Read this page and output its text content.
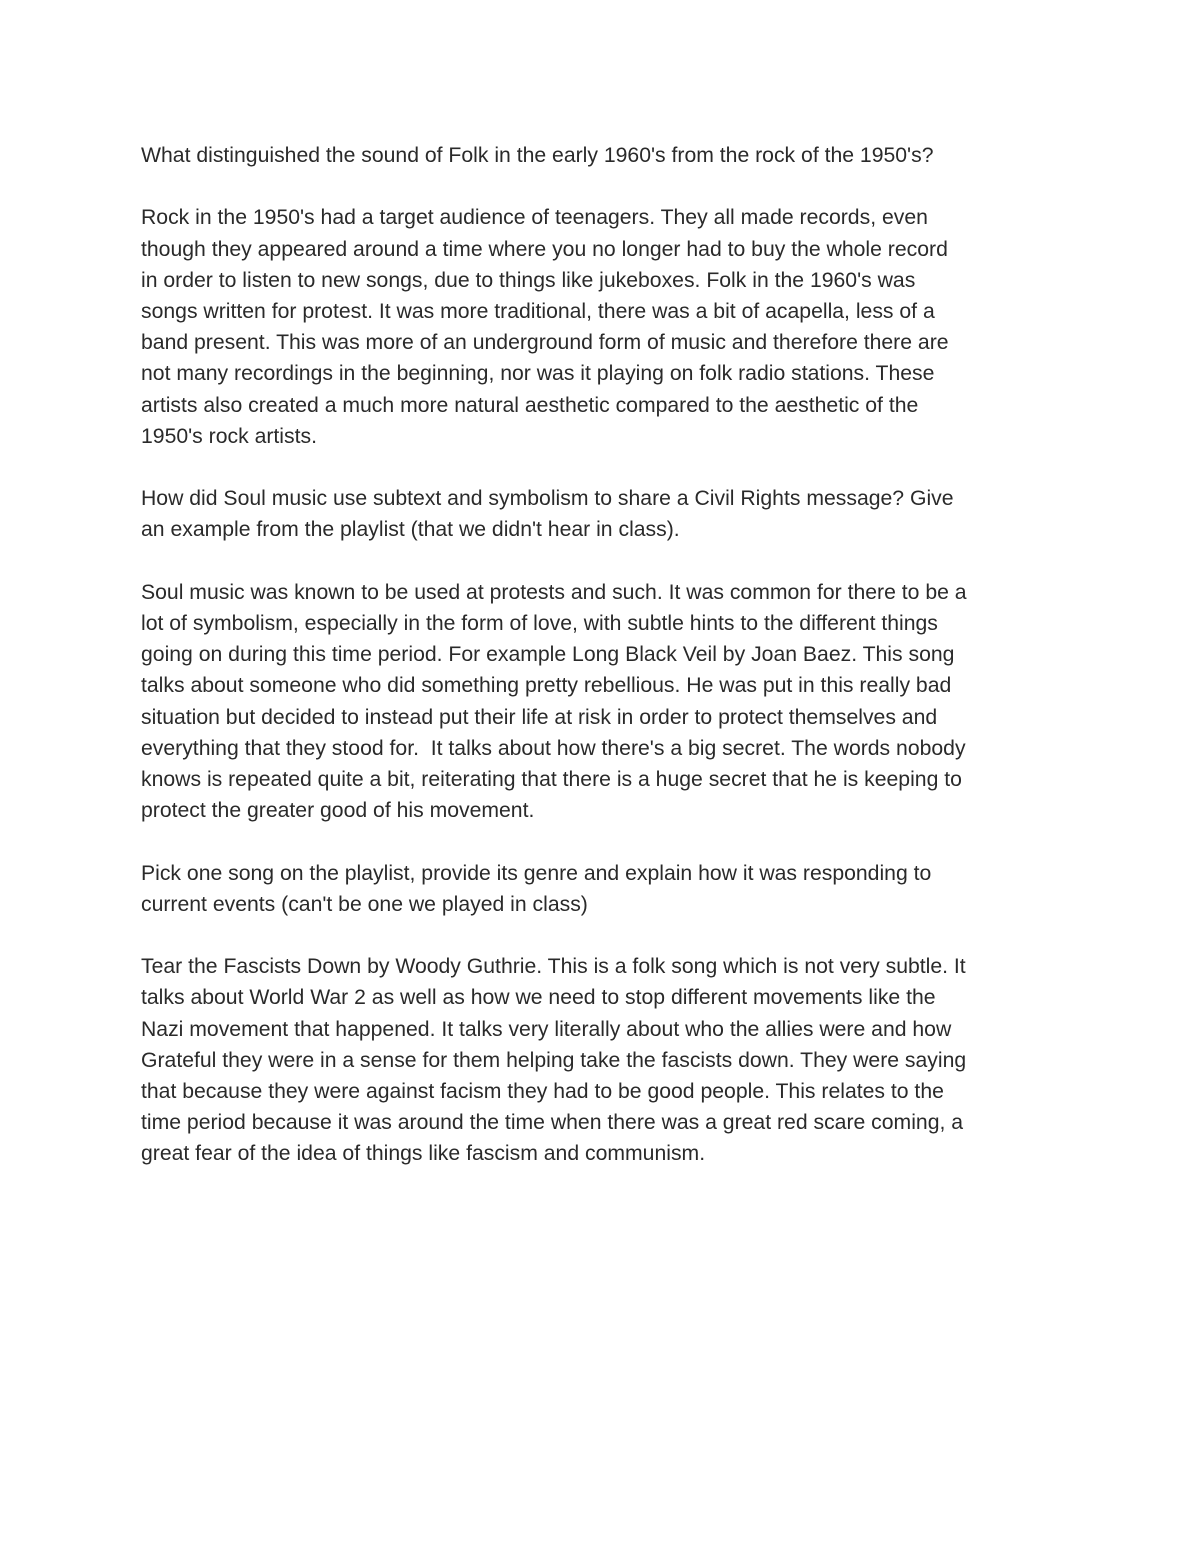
What distinguished the sound of Folk in the early 1960's from the rock of the 1950's?

Rock in the 1950's had a target audience of teenagers. They all made records, even
though they appeared around a time where you no longer had to buy the whole record
in order to listen to new songs, due to things like jukeboxes. Folk in the 1960's was
songs written for protest. It was more traditional, there was a bit of acapella, less of a
band present. This was more of an underground form of music and therefore there are
not many recordings in the beginning, nor was it playing on folk radio stations. These
artists also created a much more natural aesthetic compared to the aesthetic of the
1950's rock artists.

How did Soul music use subtext and symbolism to share a Civil Rights message? Give
an example from the playlist (that we didn't hear in class).

Soul music was known to be used at protests and such. It was common for there to be a
lot of symbolism, especially in the form of love, with subtle hints to the different things
going on during this time period. For example Long Black Veil by Joan Baez. This song
talks about someone who did something pretty rebellious. He was put in this really bad
situation but decided to instead put their life at risk in order to protect themselves and
everything that they stood for.  It talks about how there's a big secret. The words nobody
knows is repeated quite a bit, reiterating that there is a huge secret that he is keeping to
protect the greater good of his movement.

Pick one song on the playlist, provide its genre and explain how it was responding to
current events (can't be one we played in class)

Tear the Fascists Down by Woody Guthrie. This is a folk song which is not very subtle. It
talks about World War 2 as well as how we need to stop different movements like the
Nazi movement that happened. It talks very literally about who the allies were and how
Grateful they were in a sense for them helping take the fascists down. They were saying
that because they were against facism they had to be good people. This relates to the
time period because it was around the time when there was a great red scare coming, a
great fear of the idea of things like fascism and communism.
